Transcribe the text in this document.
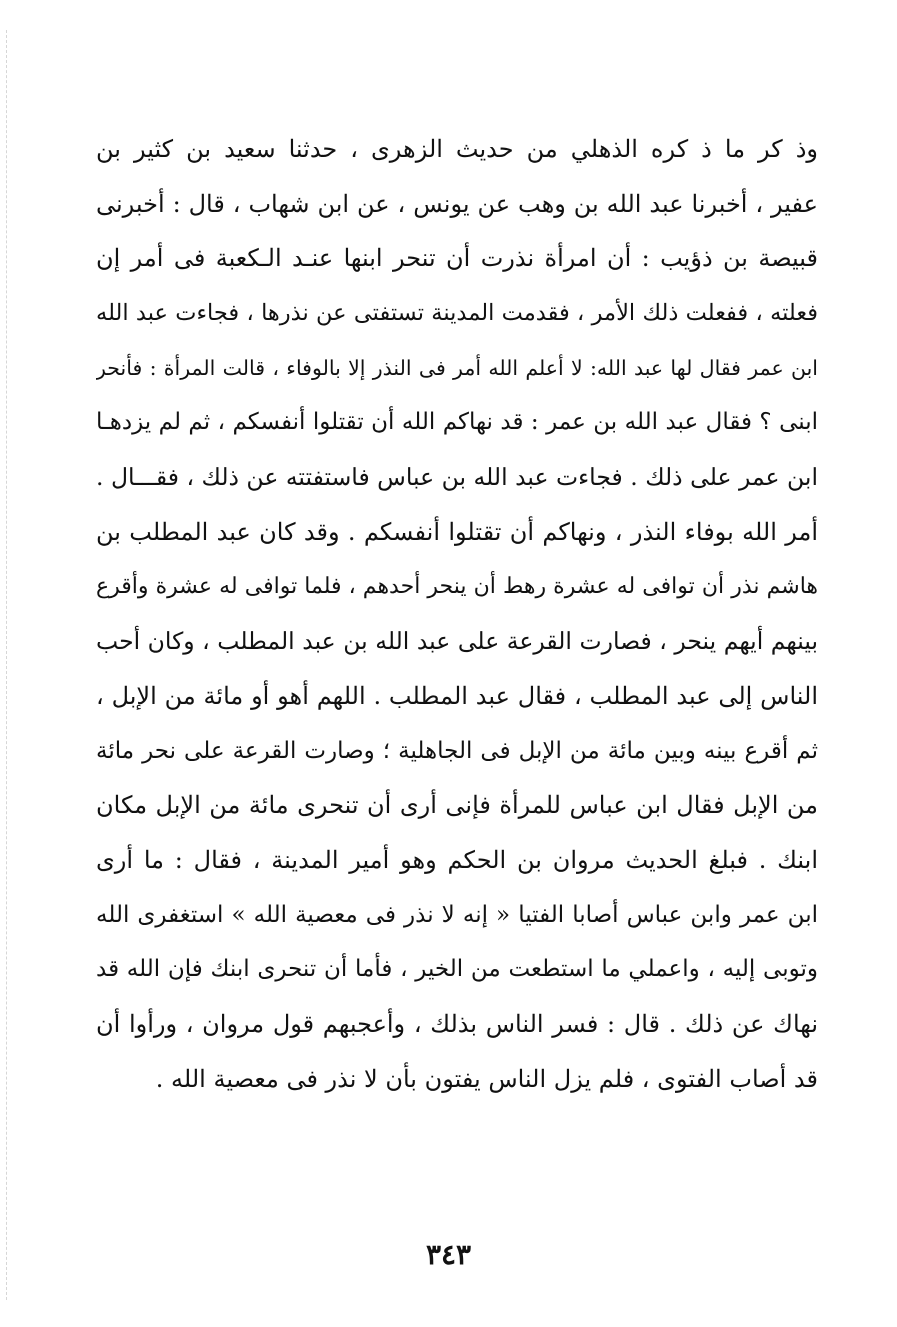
وذ كر ما ذ كره الذهلي من حديث الزهرى ، حدثنا سعيد بن كثير بن
عفير ، أخبرنا عبد الله بن وهب عن يونس ، عن ابن شهاب ، قال : أخبرنى
قبيصة بن ذؤيب : أن امرأة نذرت أن تنحر ابنها عنـد الـكعبة فى أمر إن
فعلته ، ففعلت ذلك الأمر ، فقدمت المدينة تستفتى عن نذرها ، فجاءت عبد الله
ابن عمر فقال لها عبد الله: لا أعلم الله أمر فى النذر إلا بالوفاء ، قالت المرأة : فأنحر
ابنى ؟ فقال عبد الله بن عمر : قد نهاكم الله أن تقتلوا أنفسكم ، ثم لم يزدهـا
ابن عمر على ذلك . فجاءت عبد الله بن عباس فاستفتته عن ذلك ، فقـــال .
أمر الله بوفاء النذر ، ونهاكم أن تقتلوا أنفسكم . وقد كان عبد المطلب بن
هاشم نذر أن توافى له عشرة رهط أن ينحر أحدهم ، فلما توافى له عشرة وأقرع
بينهم أيهم ينحر ، فصارت القرعة على عبد الله بن عبد المطلب ، وكان أحب
الناس إلى عبد المطلب ، فقال عبد المطلب . اللهم أهو أو مائة من الإبل ،
ثم أقرع بينه وبين مائة من الإبل فى الجاهلية ؛ وصارت القرعة على نحر مائة
من الإبل فقال ابن عباس للمرأة فإنى أرى أن تنحرى مائة من الإبل مكان
ابنك . فبلغ الحديث مروان بن الحكم وهو أمير المدينة ، فقال : ما أرى
ابن عمر وابن عباس أصابا الفتيا « إنه لا نذر فى معصية الله » استغفرى الله
وتوبى إليه ، واعملي ما استطعت من الخير ، فأما أن تنحرى ابنك فإن الله قد
نهاك عن ذلك . قال : فسر الناس بذلك ، وأعجبهم قول مروان ، ورأوا أن
قد أصاب الفتوى ، فلم يزل الناس يفتون بأن لا نذر فى معصية الله .
٣٤٣
